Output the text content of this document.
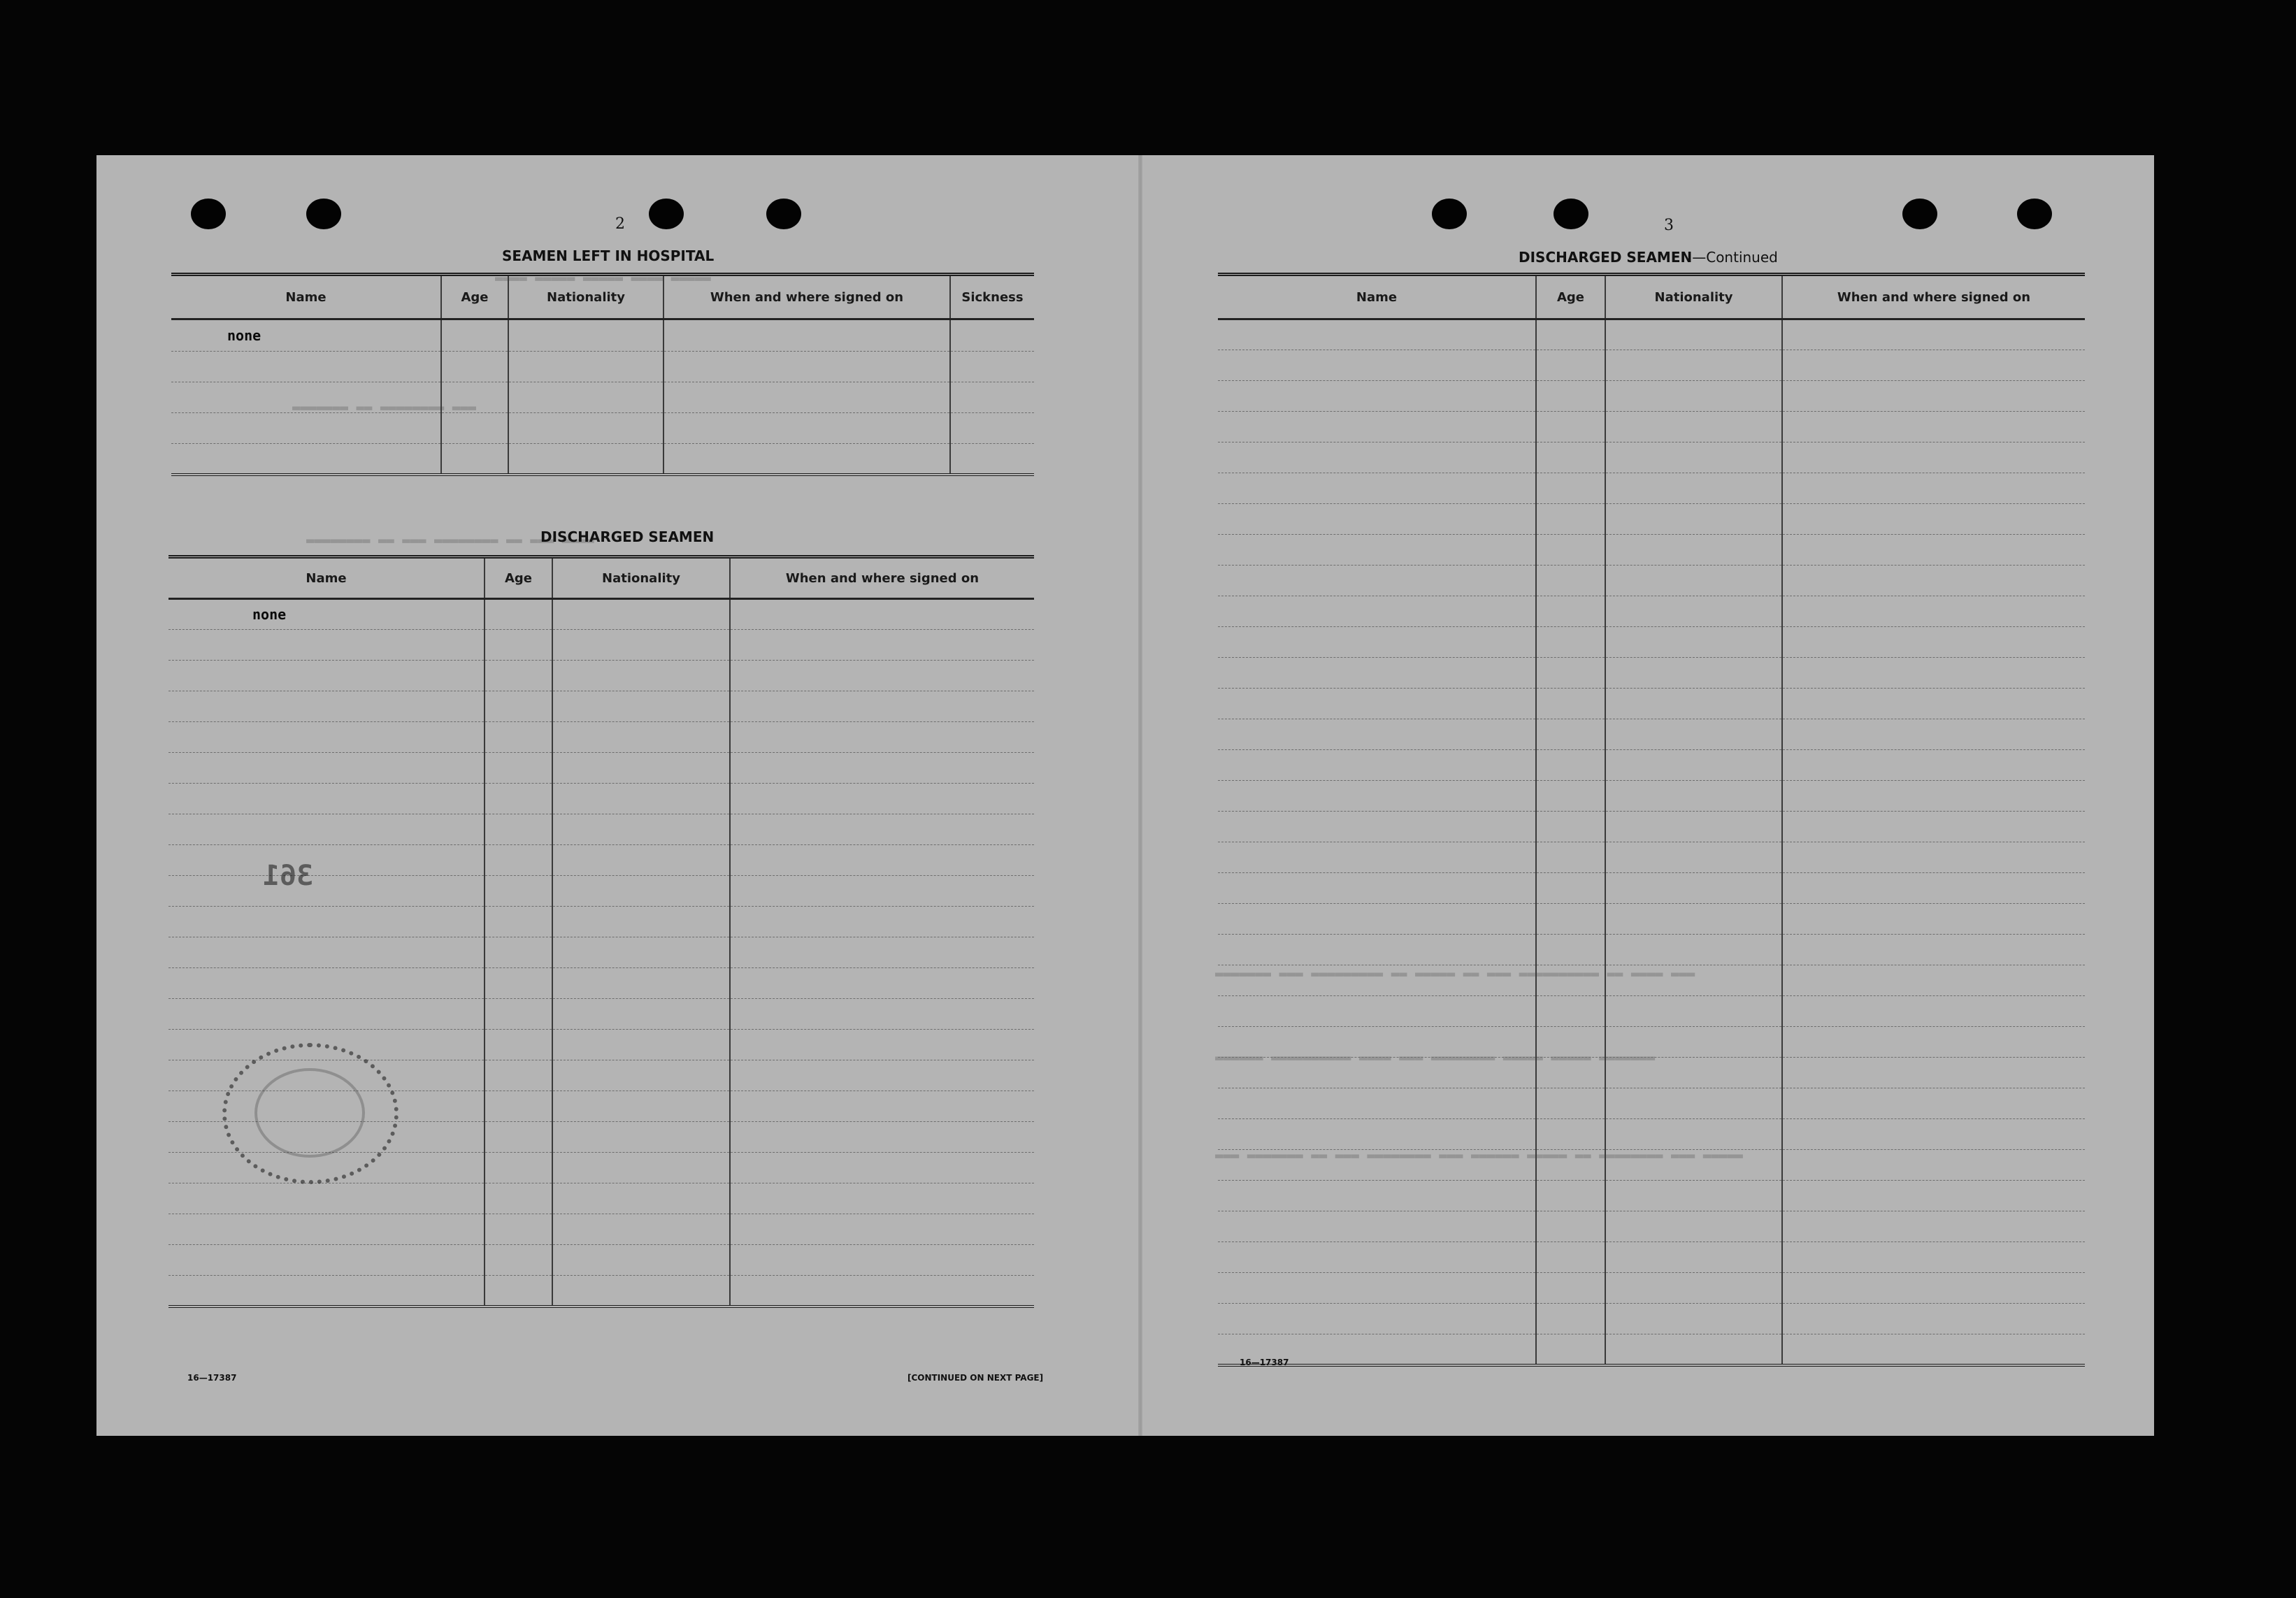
▬▬▬▬ ▬▬▬▬▬ ▬▬▬▬▬ ▬▬▬▬ ▬▬▬▬▬
▬▬▬▬▬▬▬ ▬▬ ▬▬▬▬▬▬▬▬ ▬▬▬
▬▬▬▬▬▬▬▬ ▬▬ ▬▬▬ ▬▬▬▬▬▬▬▬ ▬▬ ▬▬▬ ▬▬▬▬
▬▬▬▬▬▬▬ ▬▬▬ ▬▬▬▬▬▬▬▬▬ ▬▬ ▬▬▬▬▬ ▬▬ ▬▬▬ ▬▬▬▬▬▬▬▬▬▬ ▬▬ ▬▬▬▬ ▬▬▬
▬▬▬▬▬▬ ▬▬▬▬▬▬▬▬▬▬ ▬▬▬▬ ▬▬▬ ▬▬▬▬▬▬▬▬ ▬▬▬▬▬ ▬▬▬▬▬ ▬▬▬▬▬▬▬
▬▬▬ ▬▬▬▬▬▬▬ ▬▬ ▬▬▬ ▬▬▬▬▬▬▬▬ ▬▬▬ ▬▬▬▬▬▬ ▬▬▬▬▬ ▬▬ ▬▬▬▬▬▬▬▬ ▬▬▬ ▬▬▬▬▬
2
SEAMEN LEFT IN HOSPITAL
Name	Age	Nationality	When and where signed on	Sickness
none				

DISCHARGED SEAMEN
Name	Age	Nationality	When and where signed on
none			

361
16—17387	[CONTINUED ON NEXT PAGE]
3
DISCHARGED SEAMEN—Continued
Name	Age	Nationality	When and where signed on

16—17387
